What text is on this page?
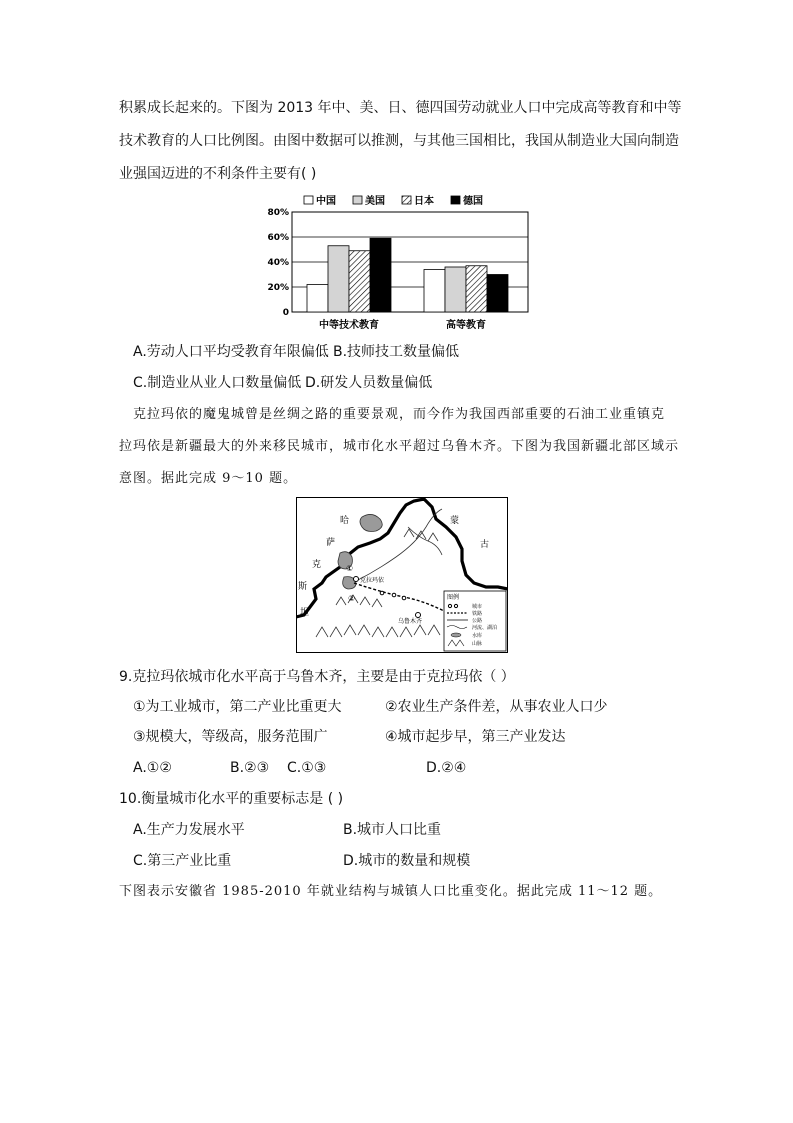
积累成长起来的。下图为 2013 年中、美、日、德四国劳动就业人口中完成高等教育和中等
技术教育的人口比例图。由图中数据可以推测，与其他三国相比，我国从制造业大国向制造
业强国迈进的不利条件主要有( )
中国	美国	日本	德国
80%
60%
40%
20%
0
中等技术教育	高等教育
A.劳动人口平均受教育年限偏低 B.技师技工数量偏低
C.制造业从业人口数量偏低 D.研发人员数量偏低
克拉玛依的魔鬼城曾是丝绸之路的重要景观，而今作为我国西部重要的石油工业重镇克
拉玛依是新疆最大的外来移民城市，城市化水平超过乌鲁木齐。下图为我国新疆北部区域示
意图。据此完成 9～10 题。
哈	蒙
古
萨
克
斯
坦
克拉玛依
乌鲁木齐
①
②	图例
城市
铁路
公路
河流、湖泊
水库
山脉
9.克拉玛依城市化水平高于乌鲁木齐，主要是由于克拉玛依（ ）
①为工业城市，第二产业比重更大	②农业生产条件差，从事农业人口少
③规模大，等级高，服务范围广	④城市起步早，第三产业发达
A.①②	B.②③ C.①③	D.②④
10.衡量城市化水平的重要标志是 ( )
A.生产力发展水平	B.城市人口比重
C.第三产业比重	D.城市的数量和规模
下图表示安徽省 1985-2010 年就业结构与城镇人口比重变化。据此完成 11～12 题。
